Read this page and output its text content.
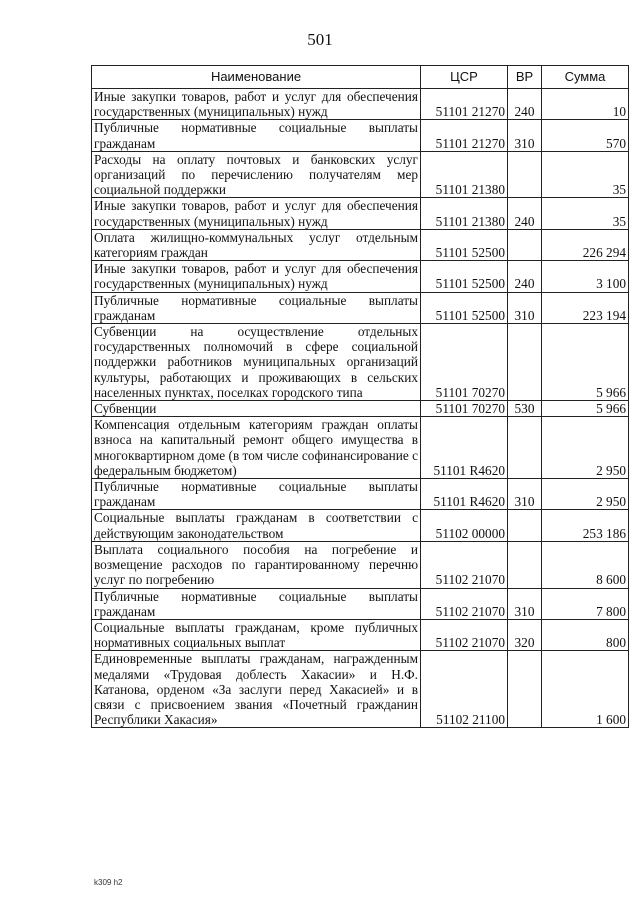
501
Наименование	ЦСР	ВР	Сумма
Иные закупки товаров, работ и услуг для обеспечения государственных (муниципальных) нужд	51101 21270	240	10
Публичные нормативные социальные выплаты гражданам	51101 21270	310	570
Расходы на оплату почтовых и банковских услуг организаций по перечислению получателям мер социальной поддержки	51101 21380		35
Иные закупки товаров, работ и услуг для обеспечения государственных (муниципальных) нужд	51101 21380	240	35
Оплата жилищно-коммунальных услуг отдельным категориям граждан	51101 52500		226 294
Иные закупки товаров, работ и услуг для обеспечения государственных (муниципальных) нужд	51101 52500	240	3 100
Публичные нормативные социальные выплаты гражданам	51101 52500	310	223 194
Субвенции на осуществление отдельных государственных полномочий в сфере социальной поддержки работников муниципальных организаций культуры, работающих и проживающих в сельских населенных пунктах, поселках городского типа	51101 70270		5 966
Субвенции	51101 70270	530	5 966
Компенсация отдельным категориям граждан оплаты взноса на капитальный ремонт общего имущества в многоквартирном доме (в том числе софинансирование с федеральным бюджетом)	51101 R4620		2 950
Публичные нормативные социальные выплаты гражданам	51101 R4620	310	2 950
Социальные выплаты гражданам в соответствии с действующим законодательством	51102 00000		253 186
Выплата социального пособия на погребение и возмещение расходов по гарантированному перечню услуг по погребению	51102 21070		8 600
Публичные нормативные социальные выплаты гражданам	51102 21070	310	7 800
Социальные выплаты гражданам, кроме публичных нормативных социальных выплат	51102 21070	320	800
Единовременные выплаты гражданам, награжденным медалями «Трудовая доблесть Хакасии» и Н.Ф. Катанова, орденом «За заслуги перед Хакасией» и в связи с присвоением звания «Почетный гражданин Республики Хакасия»	51102 21100		1 600
k309 h2
